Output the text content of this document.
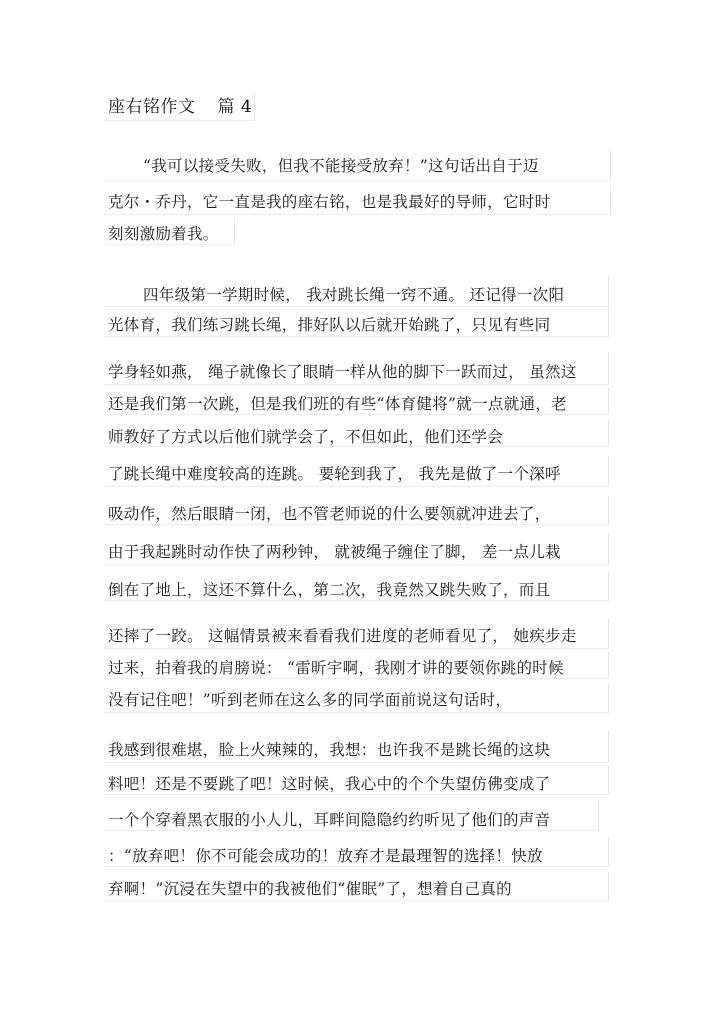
座右铭作文 篇 4
“我可以接受失败，但我不能接受放弃！”这句话出自于迈
克尔・乔丹，它一直是我的座右铭，也是我最好的导师，它时时
刻刻激励着我。
四年级第一学期时候， 我对跳长绳一窍不通。 还记得一次阳
光体育，我们练习跳长绳，排好队以后就开始跳了，只见有些同
学身轻如燕， 绳子就像长了眼睛一样从他的脚下一跃而过， 虽然这
还是我们第一次跳，但是我们班的有些“体育健将”就一点就通，老
师教好了方式以后他们就学会了，不但如此，他们还学会
了跳长绳中难度较高的连跳。 要轮到我了， 我先是做了一个深呼
吸动作，然后眼睛一闭，也不管老师说的什么要领就冲进去了，
由于我起跳时动作快了两秒钟， 就被绳子缠住了脚， 差一点儿栽
倒在了地上，这还不算什么，第二次，我竟然又跳失败了，而且
还摔了一跤。 这幅情景被来看看我们进度的老师看见了， 她疾步走
过来，拍着我的肩膀说： “雷昕宇啊，我刚才讲的要领你跳的时候
没有记住吧！”听到老师在这么多的同学面前说这句话时，
我感到很难堪，脸上火辣辣的，我想：也许我不是跳长绳的这块
料吧！还是不要跳了吧！这时候，我心中的个个失望仿佛变成了
一个个穿着黑衣服的小人儿，耳畔间隐隐约约听见了他们的声音
：“放弃吧！你不可能会成功的！放弃才是最理智的选择！快放
弃啊！”沉浸在失望中的我被他们“催眠”了，想着自己真的
